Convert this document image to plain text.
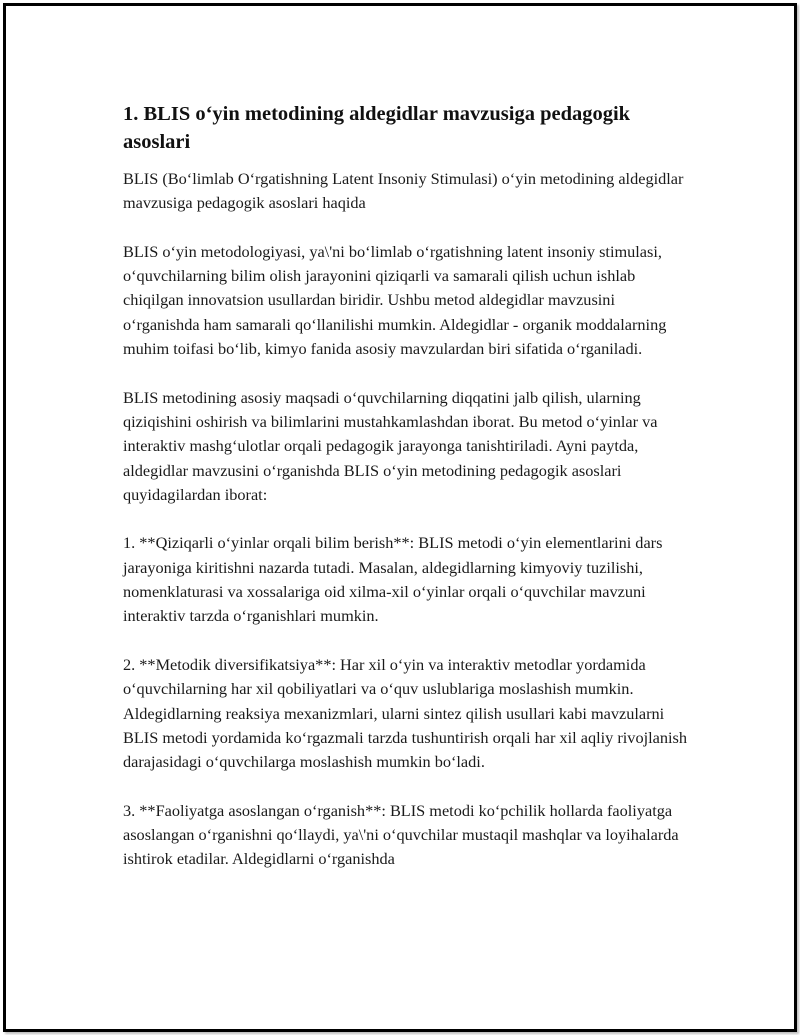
1. BLIS o‘yin metodining aldegidlar mavzusiga pedagogik asoslari

BLIS (Bo‘limlab O‘rgatishning Latent Insoniy Stimulasi) o‘yin metodining aldegidlar mavzusiga pedagogik asoslari haqida

BLIS o‘yin metodologiyasi, ya\'ni bo‘limlab o‘rgatishning latent insoniy stimulasi, o‘quvchilarning bilim olish jarayonini qiziqarli va samarali qilish uchun ishlab chiqilgan innovatsion usullardan biridir. Ushbu metod aldegidlar mavzusini o‘rganishda ham samarali qo‘llanilishi mumkin. Aldegidlar - organik moddalarning muhim toifasi bo‘lib, kimyo fanida asosiy mavzulardan biri sifatida o‘rganiladi.

BLIS metodining asosiy maqsadi o‘quvchilarning diqqatini jalb qilish, ularning qiziqishini oshirish va bilimlarini mustahkamlashdan iborat. Bu metod o‘yinlar va interaktiv mashg‘ulotlar orqali pedagogik jarayonga tanishtiriladi. Ayni paytda, aldegidlar mavzusini o‘rganishda BLIS o‘yin metodining pedagogik asoslari quyidagilardan iborat:

1. **Qiziqarli o‘yinlar orqali bilim berish**: BLIS metodi o‘yin elementlarini dars jarayoniga kiritishni nazarda tutadi. Masalan, aldegidlarning kimyoviy tuzilishi, nomenklaturasi va xossalariga oid xilma-xil o‘yinlar orqali o‘quvchilar mavzuni interaktiv tarzda o‘rganishlari mumkin.

2. **Metodik diversifikatsiya**: Har xil o‘yin va interaktiv metodlar yordamida o‘quvchilarning har xil qobiliyatlari va o‘quv uslublariga moslashish mumkin. Aldegidlarning reaksiya mexanizmlari, ularni sintez qilish usullari kabi mavzularni BLIS metodi yordamida ko‘rgazmali tarzda tushuntirish orqali har xil aqliy rivojlanish darajasidagi o‘quvchilarga moslashish mumkin bo‘ladi.

3. **Faoliyatga asoslangan o‘rganish**: BLIS metodi ko‘pchilik hollarda faoliyatga asoslangan o‘rganishni qo‘llaydi, ya\'ni o‘quvchilar mustaqil mashqlar va loyihalarda ishtirok etadilar. Aldegidlarni o‘rganishda
